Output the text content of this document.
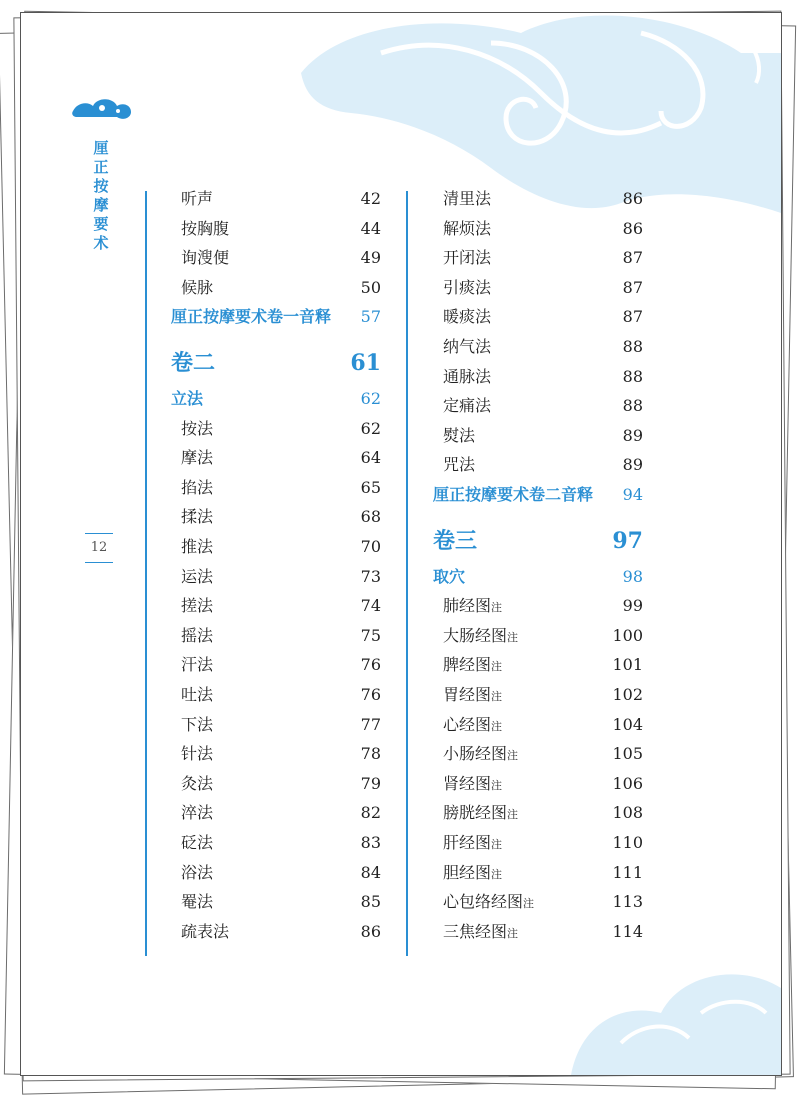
厘
正
按
摩
要
术
12
听声	42
按胸腹	44
询溲便	49
候脉	50
厘正按摩要术卷一音释 57
卷二	61
立法	62
按法	62
摩法	64
掐法	65
揉法	68
推法	70
运法	73
搓法	74
摇法	75
汗法	76
吐法	76
下法	77
针法	78
灸法	79
淬法	82
砭法	83
浴法	84
罨法	85
疏表法	86
清里法	86
解烦法	86
开闭法	87
引痰法	87
暖痰法	87
纳气法	88
通脉法	88
定痛法	88
熨法	89
咒法	89
厘正按摩要术卷二音释 94
卷三	97
取穴	98
肺经图注	99
大肠经图注	100
脾经图注	101
胃经图注	102
心经图注	104
小肠经图注	105
肾经图注	106
膀胱经图注	108
肝经图注	110
胆经图注	111
心包络经图注	113
三焦经图注	114
